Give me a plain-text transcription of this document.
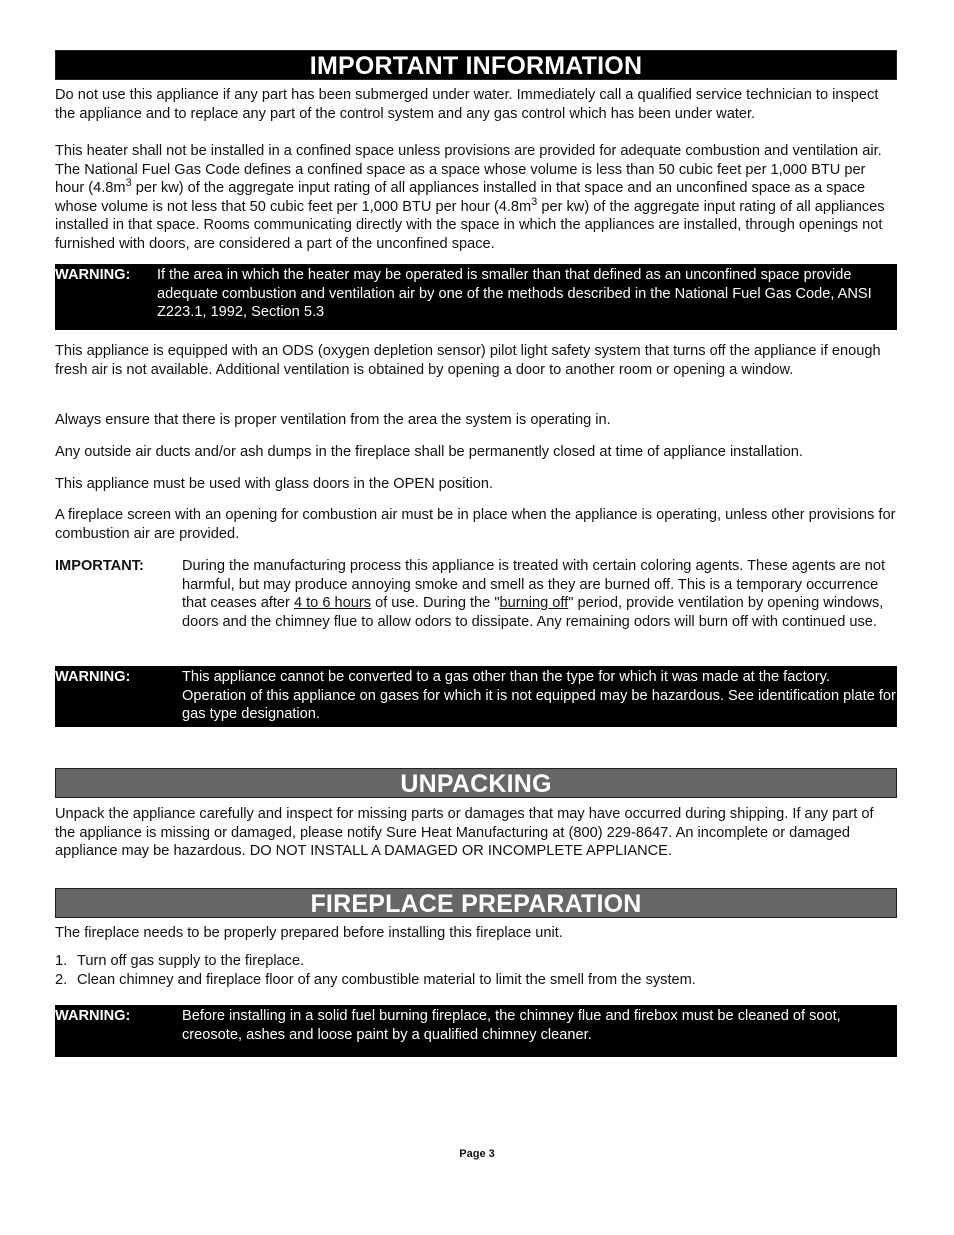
IMPORTANT INFORMATION

Do not use this appliance if any part has been submerged under water. Immediately call a qualified service technician to inspect the appliance and to replace any part of the control system and any gas control which has been under water.

This heater shall not be installed in a confined space unless provisions are provided for adequate combustion and ventilation air. The National Fuel Gas Code defines a confined space as a space whose volume is less than 50 cubic feet per 1,000 BTU per hour ($4.8m^3$ per kw) of the aggregate input rating of all appliances installed in that space and an unconfined space as a space whose volume is not less that 50 cubic feet per 1,000 BTU per hour ($4.8m^3$ per kw) of the aggregate input rating of all appliances installed in that space. Rooms communicating directly with the space in which the appliances are installed, through openings not furnished with doors, are considered a part of the unconfined space.

WARNING: If the area in which the heater may be operated is smaller than that defined as an unconfined space provide adequate combustion and ventilation air by one of the methods described in the National Fuel Gas Code, ANSI Z223.1, 1992, Section 5.3

This appliance is equipped with an ODS (oxygen depletion sensor) pilot light safety system that turns off the appliance if enough fresh air is not available. Additional ventilation is obtained by opening a door to another room or opening a window.

Always ensure that there is proper ventilation from the area the system is operating in.

Any outside air ducts and/or ash dumps in the fireplace shall be permanently closed at time of appliance installation.

This appliance must be used with glass doors in the OPEN position.

A fireplace screen with an opening for combustion air must be in place when the appliance is operating, unless other provisions for combustion air are provided.

IMPORTANT:	During the manufacturing process this appliance is treated with certain coloring agents. These agents are not harmful, but may produce annoying smoke and smell as they are burned off. This is a temporary occurrence that ceases after 4 to 6 hours of use. During the "burning off" period, provide ventilation by opening windows, doors and the chimney flue to allow odors to dissipate. Any remaining odors will burn off with continued use.
WARNING:	This appliance cannot be converted to a gas other than the type for which it was made at the factory. Operation of this appliance on gases for which it is not equipped may be hazardous. See identification plate for gas type designation.
UNPACKING

Unpack the appliance carefully and inspect for missing parts or damages that may have occurred during shipping. If any part of the appliance is missing or damaged, please notify Sure Heat Manufacturing at (800) 229-8647. An incomplete or damaged appliance may be hazardous. DO NOT INSTALL A DAMAGED OR INCOMPLETE APPLIANCE.

FIREPLACE PREPARATION

The fireplace needs to be properly prepared before installing this fireplace unit.

1. Turn off gas supply to the fireplace.
2. Clean chimney and fireplace floor of any combustible material to limit the smell from the system.
WARNING:	Before installing in a solid fuel burning fireplace, the chimney flue and firebox must be cleaned of soot, creosote, ashes and loose paint by a qualified chimney cleaner.
Page 3
